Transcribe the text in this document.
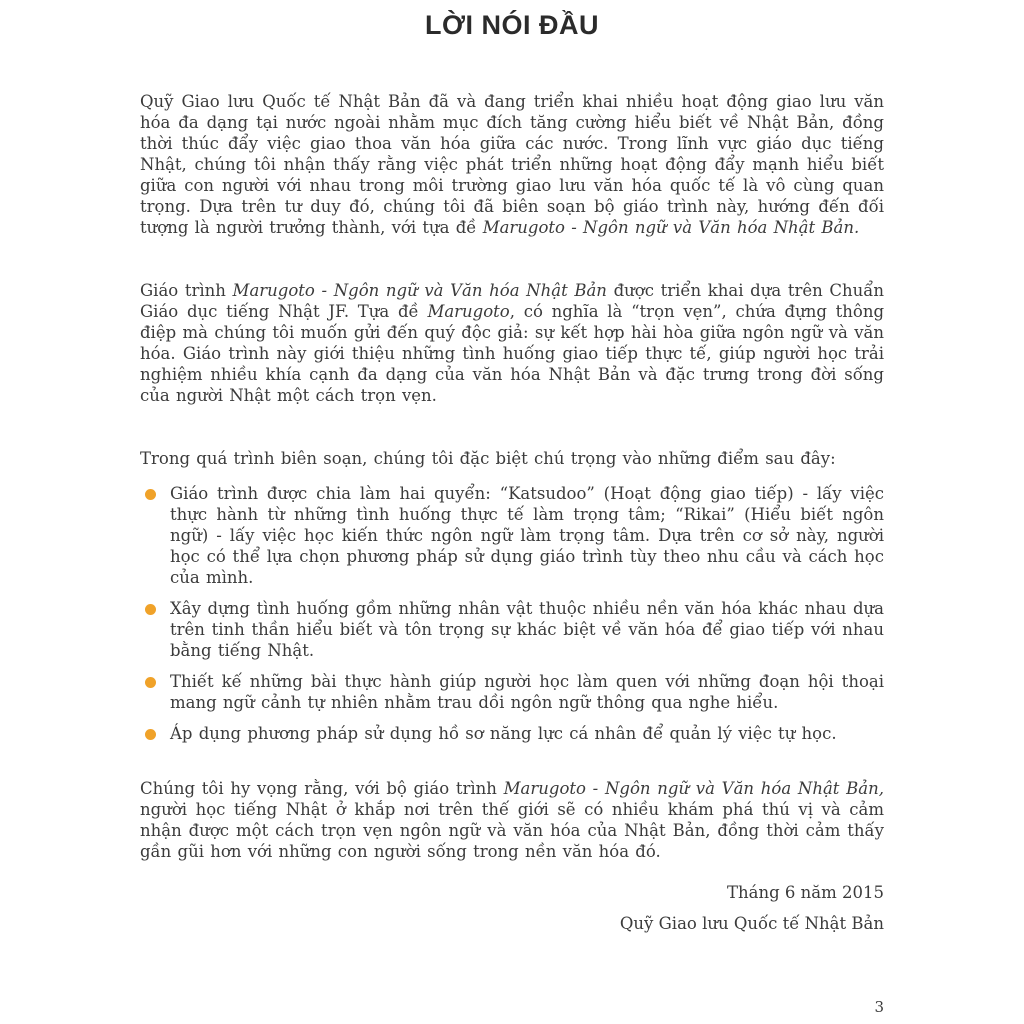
LỜI NÓI ĐẦU

Quỹ Giao lưu Quốc tế Nhật Bản đã và đang triển khai nhiều hoạt động giao lưu văn hóa đa dạng tại nước ngoài nhằm mục đích tăng cường hiểu biết về Nhật Bản, đồng thời thúc đẩy việc giao thoa văn hóa giữa các nước. Trong lĩnh vực giáo dục tiếng Nhật, chúng tôi nhận thấy rằng việc phát triển những hoạt động đẩy mạnh hiểu biết giữa con người với nhau trong môi trường giao lưu văn hóa quốc tế là vô cùng quan trọng. Dựa trên tư duy đó, chúng tôi đã biên soạn bộ giáo trình này, hướng đến đối tượng là người trưởng thành, với tựa đề Marugoto - Ngôn ngữ và Văn hóa Nhật Bản.

Giáo trình Marugoto - Ngôn ngữ và Văn hóa Nhật Bản được triển khai dựa trên Chuẩn Giáo dục tiếng Nhật JF. Tựa đề Marugoto, có nghĩa là “trọn vẹn”, chứa đựng thông điệp mà chúng tôi muốn gửi đến quý độc giả: sự kết hợp hài hòa giữa ngôn ngữ và văn hóa. Giáo trình này giới thiệu những tình huống giao tiếp thực tế, giúp người học trải nghiệm nhiều khía cạnh đa dạng của văn hóa Nhật Bản và đặc trưng trong đời sống của người Nhật một cách trọn vẹn.

Trong quá trình biên soạn, chúng tôi đặc biệt chú trọng vào những điểm sau đây:

Giáo trình được chia làm hai quyển: “Katsudoo” (Hoạt động giao tiếp) - lấy việc thực hành từ những tình huống thực tế làm trọng tâm; “Rikai” (Hiểu biết ngôn ngữ) - lấy việc học kiến thức ngôn ngữ làm trọng tâm. Dựa trên cơ sở này, người học có thể lựa chọn phương pháp sử dụng giáo trình tùy theo nhu cầu và cách học của mình.
Xây dựng tình huống gồm những nhân vật thuộc nhiều nền văn hóa khác nhau dựa trên tinh thần hiểu biết và tôn trọng sự khác biệt về văn hóa để giao tiếp với nhau bằng tiếng Nhật.
Thiết kế những bài thực hành giúp người học làm quen với những đoạn hội thoại mang ngữ cảnh tự nhiên nhằm trau dồi ngôn ngữ thông qua nghe hiểu.
Áp dụng phương pháp sử dụng hồ sơ năng lực cá nhân để quản lý việc tự học.

Chúng tôi hy vọng rằng, với bộ giáo trình Marugoto - Ngôn ngữ và Văn hóa Nhật Bản, người học tiếng Nhật ở khắp nơi trên thế giới sẽ có nhiều khám phá thú vị và cảm nhận được một cách trọn vẹn ngôn ngữ và văn hóa của Nhật Bản, đồng thời cảm thấy gần gũi hơn với những con người sống trong nền văn hóa đó.

Tháng 6 năm 2015

Quỹ Giao lưu Quốc tế Nhật Bản

3
